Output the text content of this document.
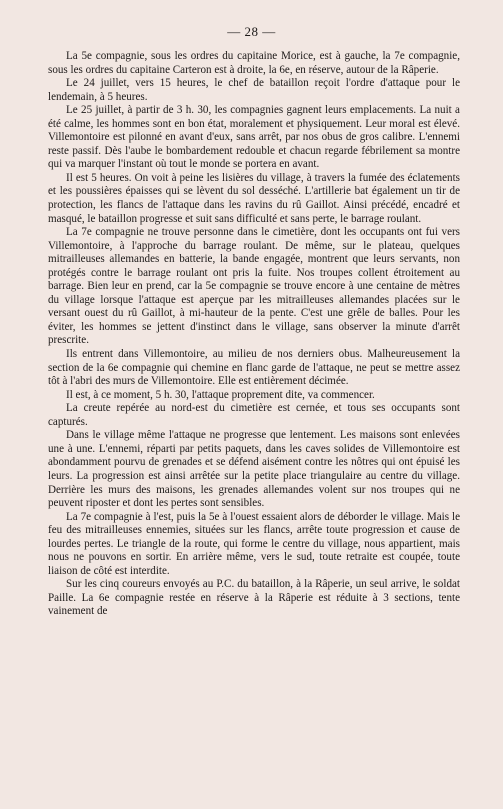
— 28 —

La 5e compagnie, sous les ordres du capitaine Morice, est à gauche, la 7e compagnie, sous les ordres du capitaine Carteron est à droite, la 6e, en réserve, autour de la Râperie.

Le 24 juillet, vers 15 heures, le chef de bataillon reçoit l'ordre d'attaque pour le lendemain, à 5 heures.

Le 25 juillet, à partir de 3 h. 30, les compagnies gagnent leurs emplacements. La nuit a été calme, les hommes sont en bon état, moralement et physiquement. Leur moral est élevé. Villemontoire est pilonné en avant d'eux, sans arrêt, par nos obus de gros calibre. L'ennemi reste passif. Dès l'aube le bombardement redouble et chacun regarde fébrilement sa montre qui va marquer l'instant où tout le monde se portera en avant.

Il est 5 heures. On voit à peine les lisières du village, à travers la fumée des éclatements et les poussières épaisses qui se lèvent du sol desséché. L'artillerie bat également un tir de protection, les flancs de l'attaque dans les ravins du rû Gaillot. Ainsi précédé, encadré et masqué, le bataillon progresse et suit sans difficulté et sans perte, le barrage roulant.

La 7e compagnie ne trouve personne dans le cimetière, dont les occupants ont fui vers Villemontoire, à l'approche du barrage roulant. De même, sur le plateau, quelques mitrailleuses allemandes en batterie, la bande engagée, montrent que leurs servants, non protégés contre le barrage roulant ont pris la fuite. Nos troupes collent étroitement au barrage. Bien leur en prend, car la 5e compagnie se trouve encore à une centaine de mètres du village lorsque l'attaque est aperçue par les mitrailleuses allemandes placées sur le versant ouest du rû Gaillot, à mi-hauteur de la pente. C'est une grêle de balles. Pour les éviter, les hommes se jettent d'instinct dans le village, sans observer la minute d'arrêt prescrite.

Ils entrent dans Villemontoire, au milieu de nos derniers obus. Malheureusement la section de la 6e compagnie qui chemine en flanc garde de l'attaque, ne peut se mettre assez tôt à l'abri des murs de Villemontoire. Elle est entièrement décimée.

Il est, à ce moment, 5 h. 30, l'attaque proprement dite, va commencer.

La creute repérée au nord-est du cimetière est cernée, et tous ses occupants sont capturés.

Dans le village même l'attaque ne progresse que lentement. Les maisons sont enlevées une à une. L'ennemi, réparti par petits paquets, dans les caves solides de Villemontoire est abondamment pourvu de grenades et se défend aisément contre les nôtres qui ont épuisé les leurs. La progression est ainsi arrêtée sur la petite place triangulaire au centre du village. Derrière les murs des maisons, les grenades allemandes volent sur nos troupes qui ne peuvent riposter et dont les pertes sont sensibles.

La 7e compagnie à l'est, puis la 5e à l'ouest essaient alors de déborder le village. Mais le feu des mitrailleuses ennemies, situées sur les flancs, arrête toute progression et cause de lourdes pertes. Le triangle de la route, qui forme le centre du village, nous appartient, mais nous ne pouvons en sortir. En arrière même, vers le sud, toute retraite est coupée, toute liaison de côté est interdite.

Sur les cinq coureurs envoyés au P.C. du bataillon, à la Râperie, un seul arrive, le soldat Paille. La 6e compagnie restée en réserve à la Râperie est réduite à 3 sections, tente vainement de
